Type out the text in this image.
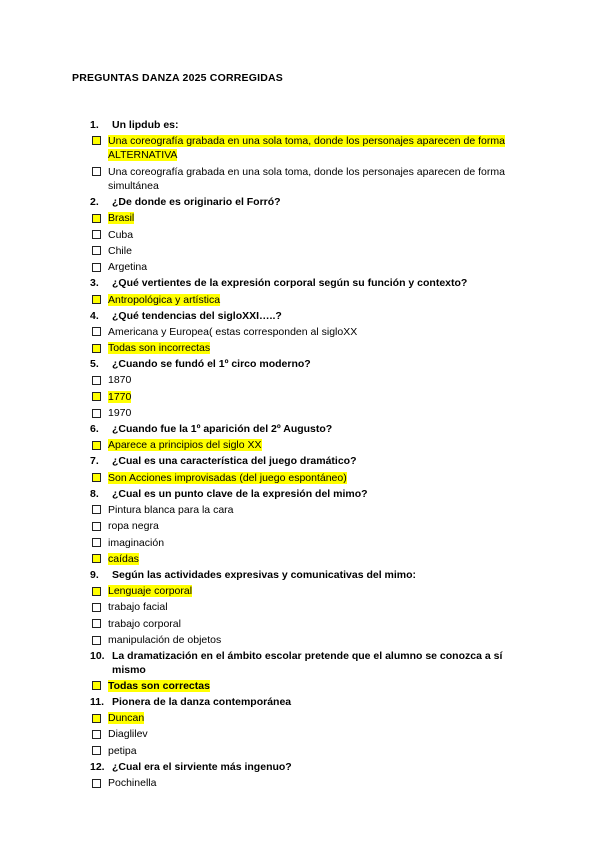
PREGUNTAS DANZA 2025 CORREGIDAS
1.	Un lipdub es:
Una coreografía grabada en una sola toma, donde los personajes aparecen de forma ALTERNATIVA
Una coreografía grabada en una sola toma, donde los personajes aparecen de forma simultánea
2.	¿De donde es originario el Forró?
Brasil
Cuba
Chile
Argetina
3.	¿Qué vertientes de la expresión corporal según su función y contexto?
Antropológica y artística
4.	¿Qué tendencias del sigloXXI…..?
Americana y Europea( estas corresponden al sigloXX
Todas son incorrectas
5.	¿Cuando se fundó el 1º circo moderno?
1870
1770
1970
6.	¿Cuando fue la 1º aparición del 2º Augusto?
Aparece a principios del siglo XX
7.	¿Cual es una característica del juego dramático?
Son Acciones improvisadas (del juego espontáneo)
8.	¿Cual es un punto clave de la expresión del mimo?
Pintura blanca para la cara
ropa negra
imaginación
caídas
9.	Según las actividades expresivas y comunicativas del mimo:
Lenguaje corporal
trabajo facial
trabajo corporal
manipulación de objetos
10. La dramatización en el ámbito escolar pretende que el alumno se conozca a sí mismo
Todas son correctas
11. Pionera de la danza contemporánea
Duncan
Diaglilev
petipa
12. ¿Cual era el sirviente más ingenuo?
Pochinella
